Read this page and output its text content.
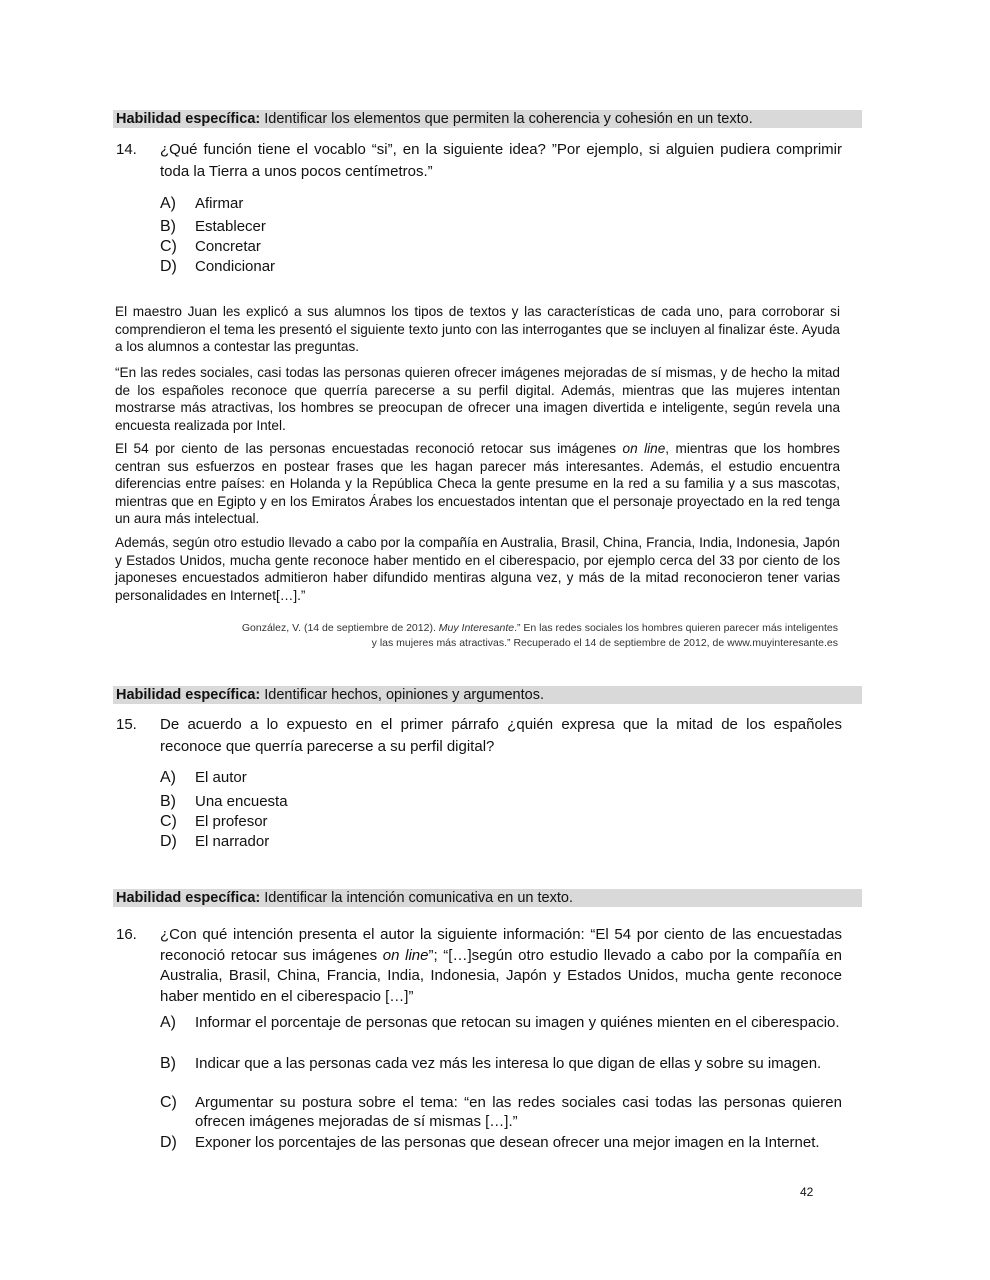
Habilidad específica: Identificar los elementos que permiten la coherencia y cohesión en un texto.
14. ¿Qué función tiene el vocablo “si”, en la siguiente idea? ”Por ejemplo, si alguien pudiera comprimir toda la Tierra a unos pocos centímetros.”
A)	Afirmar
B)	Establecer
C)	Concretar
D)	Condicionar

El maestro Juan les explicó a sus alumnos los tipos de textos y las características de cada uno, para corroborar si comprendieron el tema les presentó el siguiente texto junto con las interrogantes que se incluyen al finalizar éste. Ayuda a los alumnos a contestar las preguntas.

“En las redes sociales, casi todas las personas quieren ofrecer imágenes mejoradas de sí mismas, y de hecho la mitad de los españoles reconoce que querría parecerse a su perfil digital. Además, mientras que las mujeres intentan mostrarse más atractivas, los hombres se preocupan de ofrecer una imagen divertida e inteligente, según revela una encuesta realizada por Intel.

El 54 por ciento de las personas encuestadas reconoció retocar sus imágenes on line, mientras que los hombres centran sus esfuerzos en postear frases que les hagan parecer más interesantes. Además, el estudio encuentra diferencias entre países: en Holanda y la República Checa la gente presume en la red a su familia y a sus mascotas, mientras que en Egipto y en los Emiratos Árabes los encuestados intentan que el personaje proyectado en la red tenga un aura más intelectual.

Además, según otro estudio llevado a cabo por la compañía en Australia, Brasil, China, Francia, India, Indonesia, Japón y Estados Unidos, mucha gente reconoce haber mentido en el ciberespacio, por ejemplo cerca del 33 por ciento de los japoneses encuestados admitieron haber difundido mentiras alguna vez, y más de la mitad reconocieron tener varias personalidades en Internet[…].”

González, V. (14 de septiembre de 2012). Muy Interesante.” En las redes sociales los hombres quieren parecer más inteligentes
y las mujeres más atractivas.” Recuperado el 14 de septiembre de 2012, de www.muyinteresante.es
Habilidad específica: Identificar hechos, opiniones y argumentos.
15. De acuerdo a lo expuesto en el primer párrafo ¿quién expresa que la mitad de los españoles reconoce que querría parecerse a su perfil digital?
A)	El autor
B)	Una encuesta
C)	El profesor
D)	El narrador
Habilidad específica: Identificar la intención comunicativa en un texto.
16. ¿Con qué intención presenta el autor la siguiente información: “El 54 por ciento de las encuestadas reconoció retocar sus imágenes on line”; “[…]según otro estudio llevado a cabo por la compañía en Australia, Brasil, China, Francia, India, Indonesia, Japón y Estados Unidos, mucha gente reconoce haber mentido en el ciberespacio […]”
A)	Informar el porcentaje de personas que retocan su imagen y quiénes mienten en el ciberespacio.
B)	Indicar que a las personas cada vez más les interesa lo que digan de ellas y sobre su imagen.
C)	Argumentar su postura sobre el tema: “en las redes sociales casi todas las personas quieren ofrecen imágenes mejoradas de sí mismas […].”
D)	Exponer los porcentajes de las personas que desean ofrecer una mejor imagen en la Internet.
42
